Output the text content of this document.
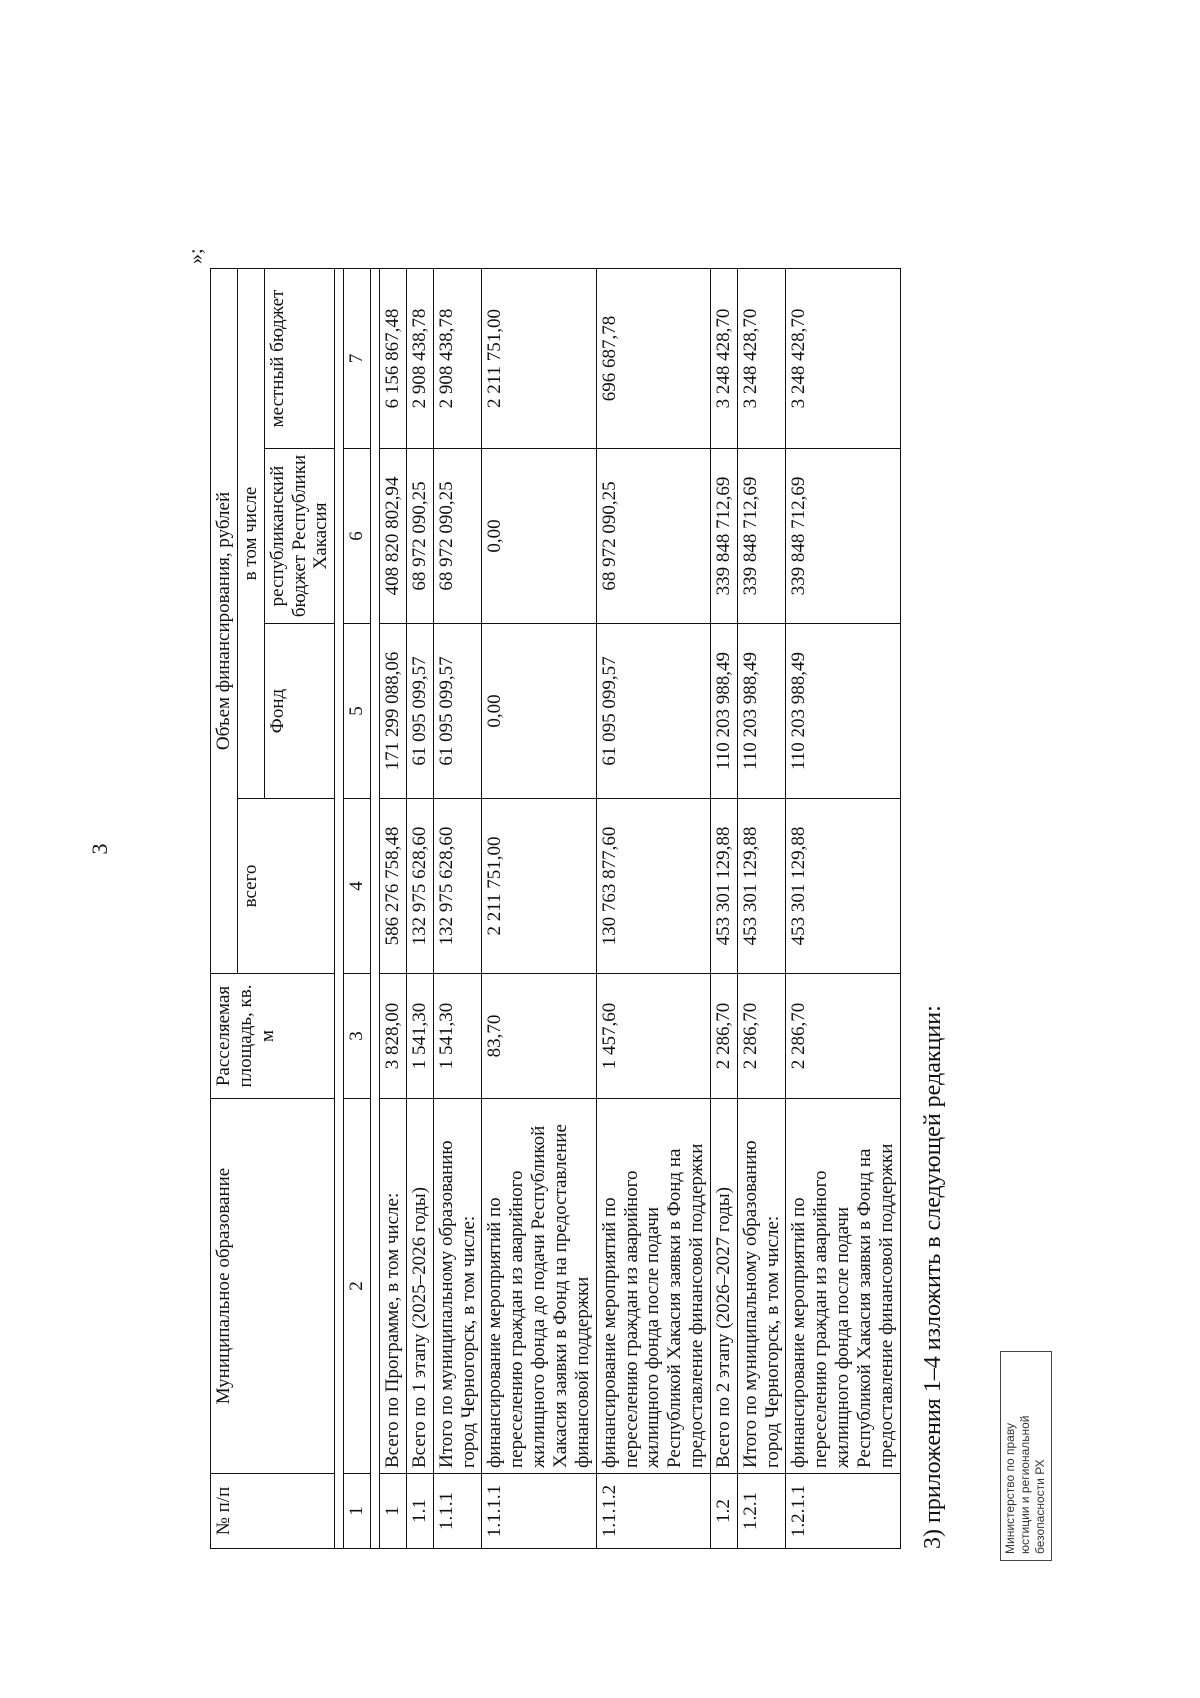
3
№ п/п	Муниципальное образование	Расселяемая площадь, кв. м	Объем финансирования, рублей			
			всего	в том числе		
				Фонд	республиканский бюджет Республики Хакасия	местный бюджет

1	2	3	4	5	6	7

1	Всего по Программе, в том числе:	3 828,00	586 276 758,48	171 299 088,06	408 820 802,94	6 156 867,48
1.1	Всего по 1 этапу (2025–2026 годы)	1 541,30	132 975 628,60	61 095 099,57	68 972 090,25	2 908 438,78
1.1.1	Итого по муниципальному образованию город Черногорск, в том числе:	1 541,30	132 975 628,60	61 095 099,57	68 972 090,25	2 908 438,78
1.1.1.1	финансирование мероприятий по переселению граждан из аварийного жилищного фонда до подачи Республикой Хакасия заявки в Фонд на предоставление финансовой поддержки	83,70	2 211 751,00	0,00	0,00	2 211 751,00
1.1.1.2	финансирование мероприятий по переселению граждан из аварийного жилищного фонда после подачи Республикой Хакасия заявки в Фонд на предоставление финансовой поддержки	1 457,60	130 763 877,60	61 095 099,57	68 972 090,25	696 687,78
1.2	Всего по 2 этапу (2026–2027 годы)	2 286,70	453 301 129,88	110 203 988,49	339 848 712,69	3 248 428,70
1.2.1	Итого по муниципальному образованию город Черногорск, в том числе:	2 286,70	453 301 129,88	110 203 988,49	339 848 712,69	3 248 428,70
1.2.1.1	финансирование мероприятий по переселению граждан из аварийного жилищного фонда после подачи Республикой Хакасия заявки в Фонд на предоставление финансовой поддержки	2 286,70	453 301 129,88	110 203 988,49	339 848 712,69	3 248 428,70
»;
3) приложения 1–4 изложить в следующей редакции:	Министерство по праву юстиции и региональной безопасности РХ
